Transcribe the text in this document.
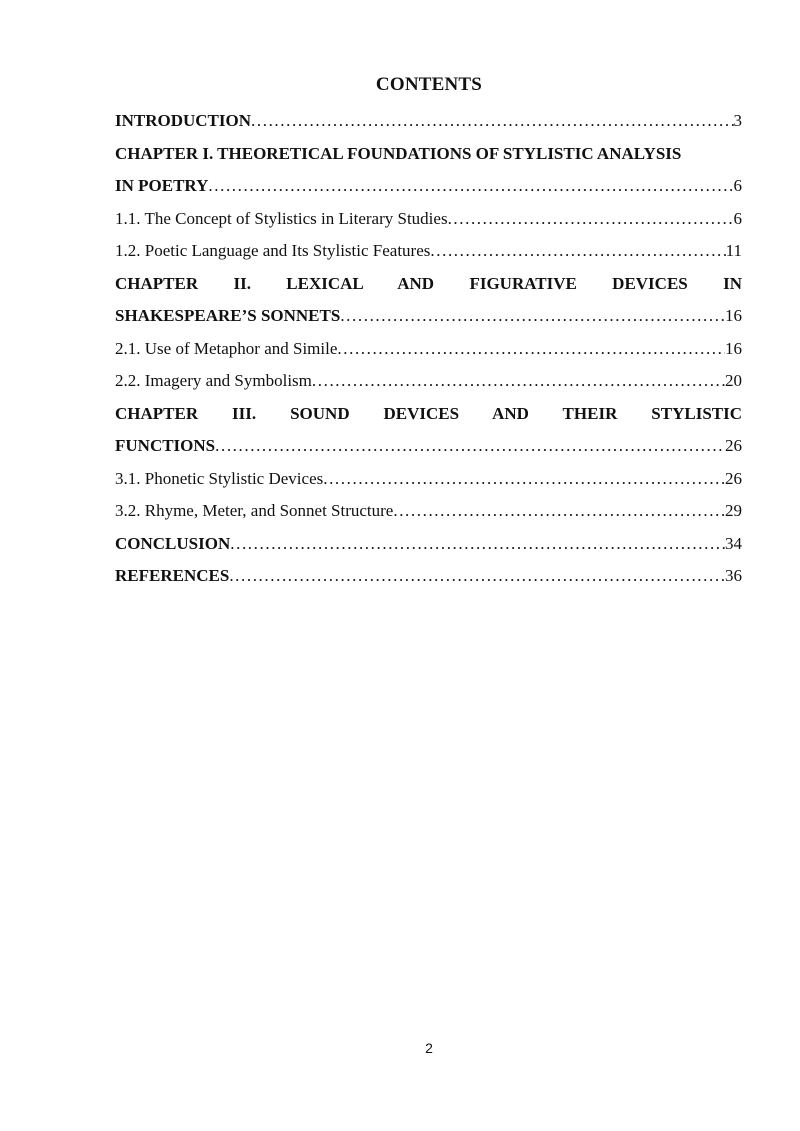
CONTENTS
INTRODUCTION .....	3
CHAPTER I. THEORETICAL FOUNDATIONS OF STYLISTIC ANALYSIS
IN POETRY .....	6
1.1. The Concept of Stylistics in Literary Studies .....	6
1.2. Poetic Language and Its Stylistic Features .....	11
CHAPTER II. LEXICAL AND FIGURATIVE DEVICES IN
SHAKESPEARE’S SONNETS .....	16
2.1. Use of Metaphor and Simile .....	16
2.2. Imagery and Symbolism .....	20
CHAPTER III. SOUND DEVICES AND THEIR STYLISTIC
FUNCTIONS .....	26
3.1. Phonetic Stylistic Devices .....	26
3.2. Rhyme, Meter, and Sonnet Structure .....	29
CONCLUSION .....	34
REFERENCES .....	36
2
